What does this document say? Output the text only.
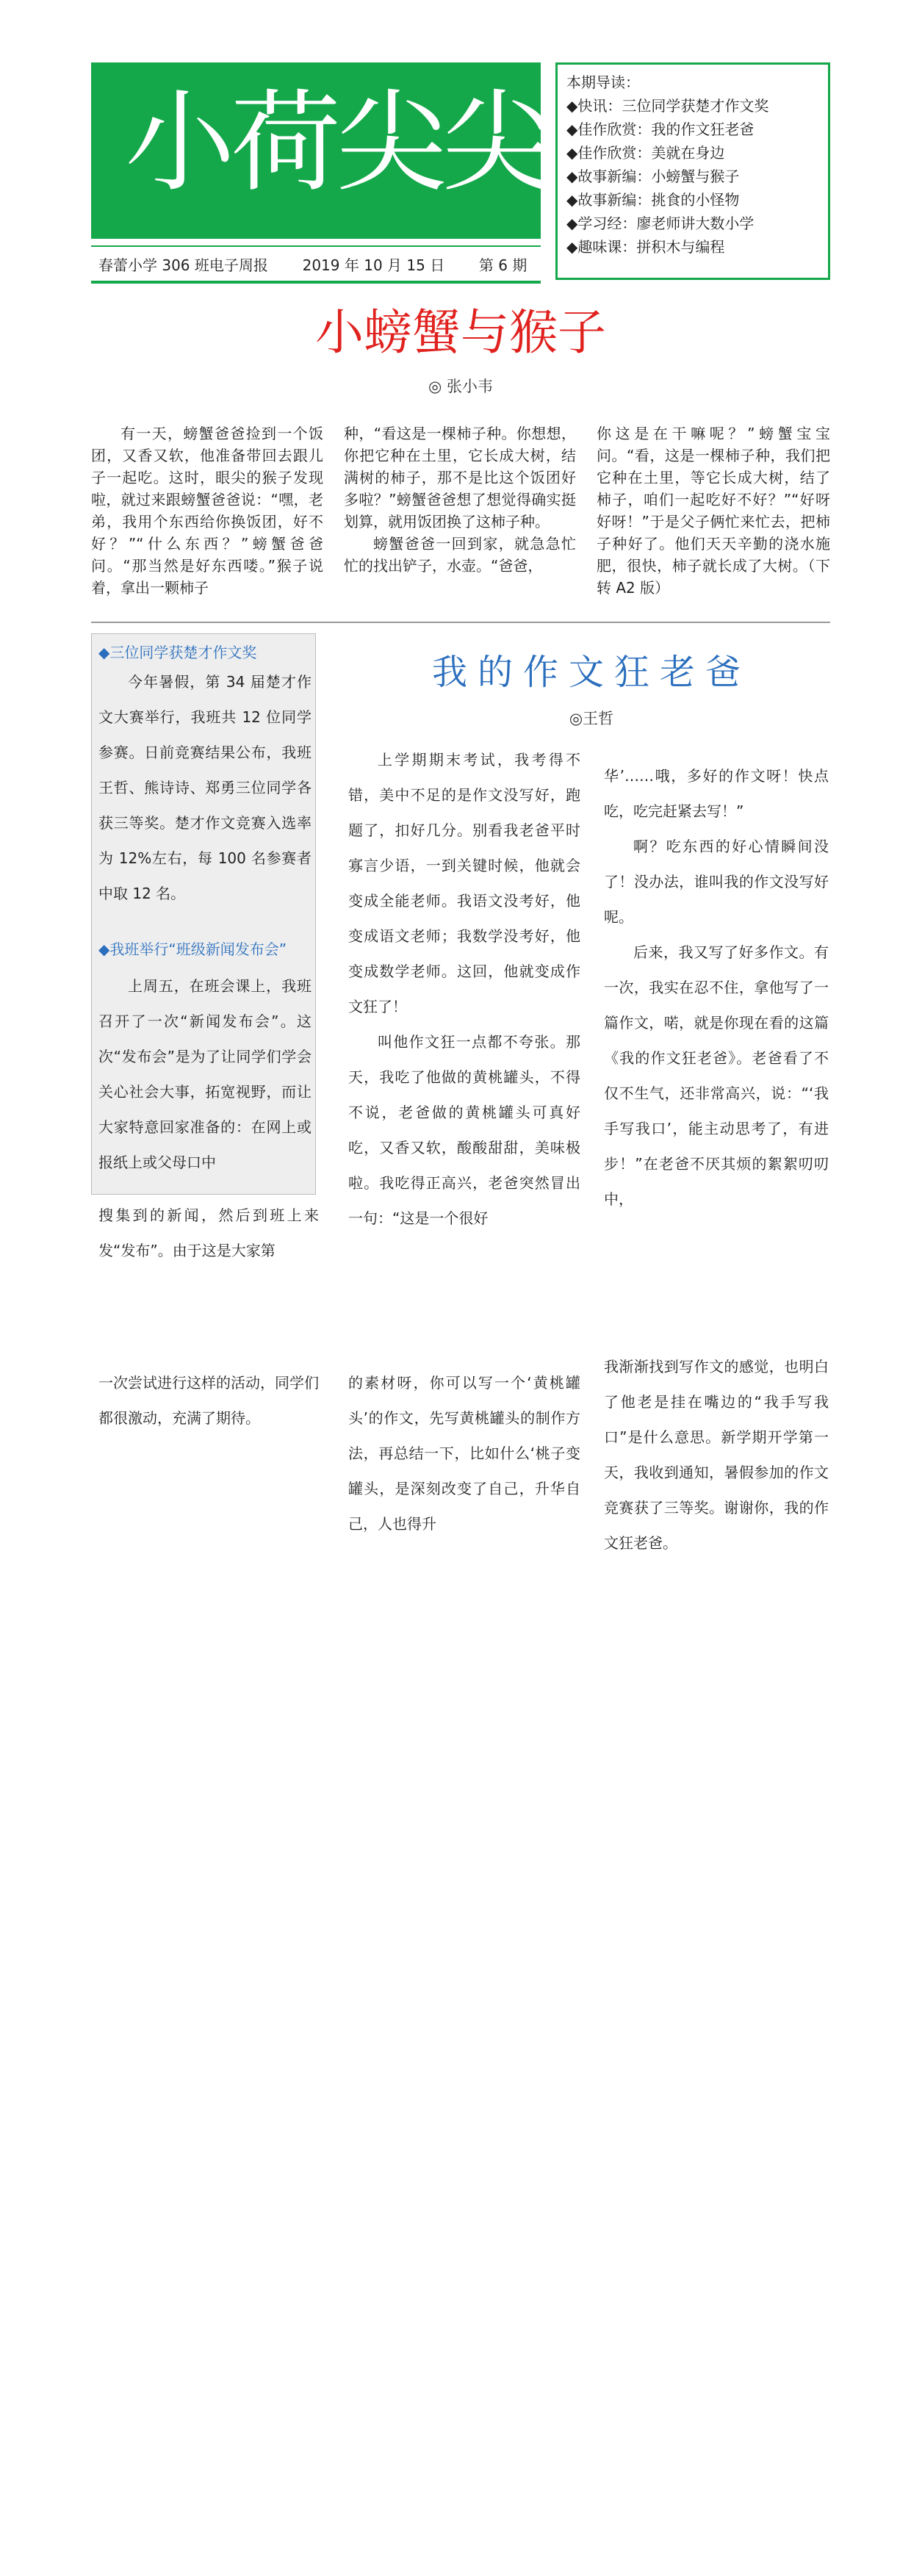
小荷尖尖
春蕾小学 306 班电子周报 2019 年 10 月 15 日 第 6 期
本期导读：
◆快讯：三位同学获楚才作文奖
◆佳作欣赏：我的作文狂老爸
◆佳作欣赏：美就在身边
◆故事新编：小螃蟹与猴子
◆故事新编：挑食的小怪物
◆学习经：廖老师讲大数小学
◆趣味课：拼积木与编程
小螃蟹与猴子
◎ 张小韦

有一天，螃蟹爸爸捡到一个饭团，又香又软，他准备带回去跟儿子一起吃。这时，眼尖的猴子发现啦，就过来跟螃蟹爸爸说：“嘿，老弟，我用个东西给你换饭团，好不好？”“什么东西？”螃蟹爸爸问。“那当然是好东西喽。”猴子说着，拿出一颗柿子

种，“看这是一棵柿子种。你想想，你把它种在土里，它长成大树，结满树的柿子，那不是比这个饭团好多啦？”螃蟹爸爸想了想觉得确实挺划算，就用饭团换了这柿子种。

螃蟹爸爸一回到家，就急急忙忙的找出铲子，水壶。“爸爸，

你这是在干嘛呢？”螃蟹宝宝问。“看，这是一棵柿子种，我们把它种在土里，等它长成大树，结了柿子，咱们一起吃好不好？”“好呀好呀！”于是父子俩忙来忙去，把柿子种好了。他们天天辛勤的浇水施肥，很快，柿子就长成了大树。（下转 A2 版）

◆三位同学获楚才作文奖

今年暑假，第 34 届楚才作文大赛举行，我班共 12 位同学参赛。日前竞赛结果公布，我班王哲、熊诗诗、郑勇三位同学各获三等奖。楚才作文竞赛入选率为 12%左右，每 100 名参赛者中取 12 名。

◆我班举行“班级新闻发布会”

上周五，在班会课上，我班召开了一次“新闻发布会”。这次“发布会”是为了让同学们学会关心社会大事，拓宽视野，而让大家特意回家准备的：在网上或报纸上或父母口中

我的作文狂老爸
◎王哲

上学期期末考试，我考得不错，美中不足的是作文没写好，跑题了，扣好几分。别看我老爸平时寡言少语，一到关键时候，他就会变成全能老师。我语文没考好，他变成语文老师；我数学没考好，他变成数学老师。这回，他就变成作文狂了！

叫他作文狂一点都不夸张。那天，我吃了他做的黄桃罐头，不得不说，老爸做的黄桃罐头可真好吃，又香又软，酸酸甜甜，美味极啦。我吃得正高兴，老爸突然冒出一句：“这是一个很好

华’……哦，多好的作文呀！快点吃，吃完赶紧去写！”

啊？吃东西的好心情瞬间没了！没办法，谁叫我的作文没写好呢。

后来，我又写了好多作文。有一次，我实在忍不住，拿他写了一篇作文，喏，就是你现在看的这篇《我的作文狂老爸》。老爸看了不仅不生气，还非常高兴，说：“‘我手写我口’，能主动思考了，有进步！”在老爸不厌其烦的絮絮叨叨中，

搜集到的新闻，然后到班上来发“发布”。由于这是大家第

一次尝试进行这样的活动，同学们都很激动，充满了期待。

的素材呀，你可以写一个‘黄桃罐头’的作文，先写黄桃罐头的制作方法，再总结一下，比如什么‘桃子变罐头，是深刻改变了自己，升华自己，人也得升

我渐渐找到写作文的感觉，也明白了他老是挂在嘴边的“我手写我口”是什么意思。新学期开学第一天，我收到通知，暑假参加的作文竞赛获了三等奖。谢谢你，我的作文狂老爸。
